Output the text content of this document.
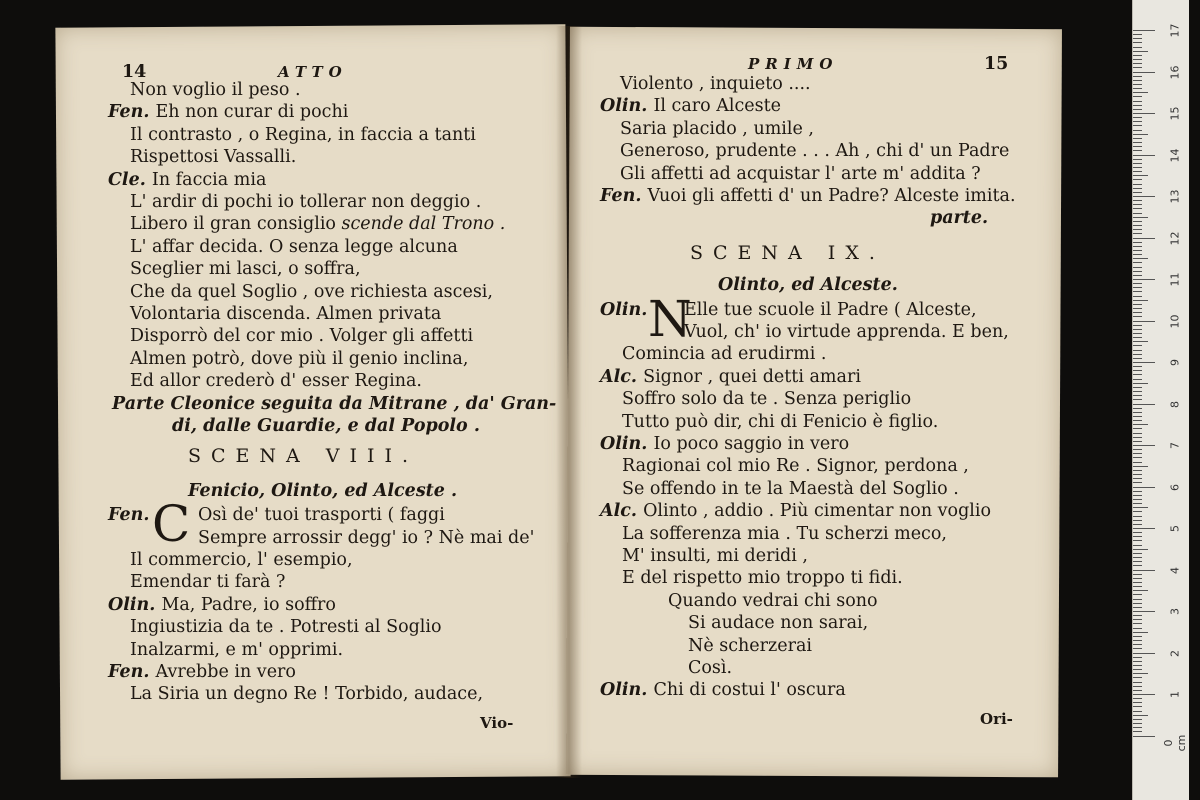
17
16
15
14
13
12
11
10
9
8
7
6
5
4
3
2
1
0 cm
14	ATTO
Non voglio il peso .
Fen. Eh non curar di pochi
Il contrasto , o Regina, in faccia a tanti
Rispettosi Vassalli.
Cle. In faccia mia
L' ardir di pochi io tollerar non deggio .
Libero il gran consiglio scende dal Trono .
L' affar decida. O senza legge alcuna
Sceglier mi lasci, o soffra,
Che da quel Soglio , ove richiesta ascesi,
Volontaria discenda. Almen privata
Disporrò del cor mio . Volger gli affetti
Almen potrò, dove più il genio inclina,
Ed allor crederò d' esser Regina.
Parte Cleonice seguita da Mitrane , da' Gran-
di, dalle Guardie, e dal Popolo .
SCENA VIII.
Fenicio, Olinto, ed Alceste .
C
Fen.	Osì de' tuoi trasporti ( faggi
Sempre arrossir degg' io ? Nè mai de'
Il commercio, l' esempio,
Emendar ti farà ?
Olin. Ma, Padre, io soffro
Ingiustizia da te . Potresti al Soglio
Inalzarmi, e m' opprimi.
Fen. Avrebbe in vero
La Siria un degno Re ! Torbido, audace,
Vio-
PRIMO	15
Violento , inquieto ....
Olin. Il caro Alceste
Saria placido , umile ,
Generoso, prudente . . . Ah , chi d' un Padre
Gli affetti ad acquistar l' arte m' addita ?
Fen. Vuoi gli affetti d' un Padre? Alceste imita.
parte.
SCENA IX.
Olinto, ed Alceste.
N
Olin. Elle tue scuole il Padre ( Alceste,
Vuol, ch' io virtude apprenda. E ben,
Comincia ad erudirmi .
Alc. Signor , quei detti amari
Soffro solo da te . Senza periglio
Tutto può dir, chi di Fenicio è figlio.
Olin. Io poco saggio in vero
Ragionai col mio Re . Signor, perdona ,
Se offendo in te la Maestà del Soglio .
Alc. Olinto , addio . Più cimentar non voglio
La sofferenza mia . Tu scherzi meco,
M' insulti, mi deridi ,
E del rispetto mio troppo ti fidi.
Quando vedrai chi sono
Si audace non sarai,
Nè scherzerai
Così.
Olin. Chi di costui l' oscura
Ori-
